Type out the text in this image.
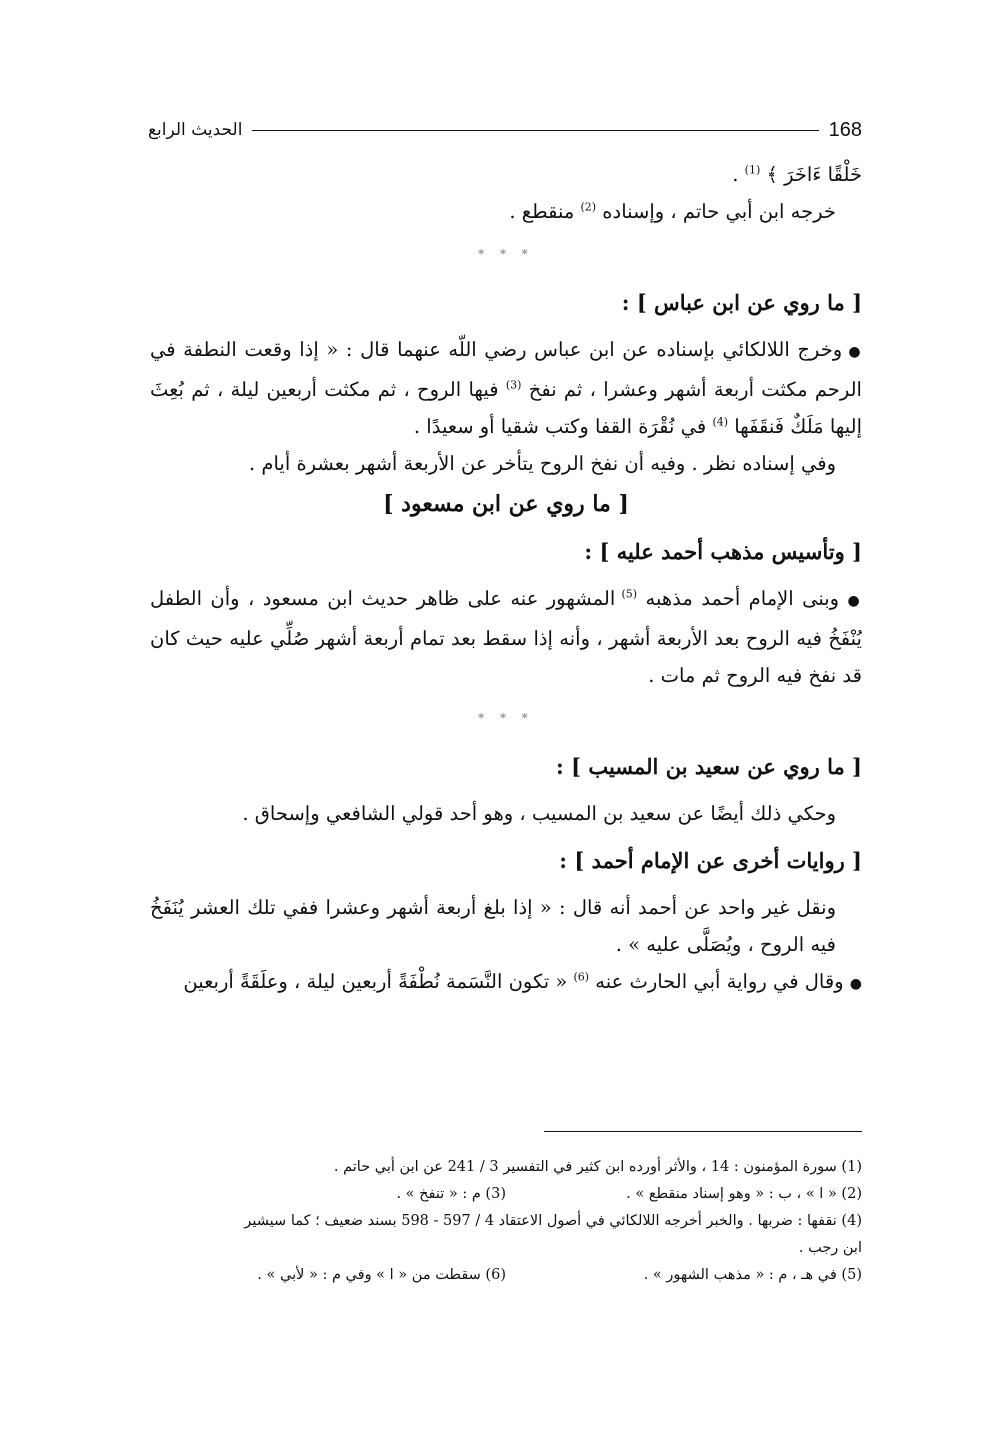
168
الحديث الرابع

خَلْقًا ءَاخَرَ ﴾ $^{(1)}$ .

خرجه ابن أبي حاتم ، وإسناده $^{(2)}$ منقطع .

* * *

[ ما روي عن ابن عباس ] :

● وخرج اللالكائي بإسناده عن ابن عباس رضي اللّه عنهما قال : « إذا وقعت النطفة في الرحم مكثت أربعة أشهر وعشرا ، ثم نفخ $^{(3)}$ فيها الروح ، ثم مكثت أربعين ليلة ، ثم بُعِثَ إليها مَلَكٌ فَنقَفَها $^{(4)}$ في نُقْرَة القفا وكتب شقيا أو سعيدًا .

وفي إسناده نظر . وفيه أن نفخ الروح يتأخر عن الأربعة أشهر بعشرة أيام .

[ ما روي عن ابن مسعود ]

[ وتأسيس مذهب أحمد عليه ] :

● وبنى الإمام أحمد مذهبه $^{(5)}$ المشهور عنه على ظاهر حديث ابن مسعود ، وأن الطفل يُنْفَخُ فيه الروح بعد الأربعة أشهر ، وأنه إذا سقط بعد تمام أربعة أشهر صُلِّي عليه حيث كان قد نفخ فيه الروح ثم مات .

* * *

[ ما روي عن سعيد بن المسيب ] :

وحكي ذلك أيضًا عن سعيد بن المسيب ، وهو أحد قولي الشافعي وإسحاق .

[ روايات أخرى عن الإمام أحمد ] :

ونقل غير واحد عن أحمد أنه قال : « إذا بلغ أربعة أشهر وعشرا ففي تلك العشر يُنَفَخُ فيه الروح ، ويُصَلَّى عليه » .

● وقال في رواية أبي الحارث عنه $^{(6)}$ « تكون النَّسَمة نُطْفَةً أربعين ليلة ، وعلَقَةً أربعين

(1) سورة المؤمنون : 14 ، والأثر أورده ابن كثير في التفسير 3 / 241 عن ابن أبي حاتم .

(2) « ا » ، ب : « وهو إسناد منقطع » .
(3) م : « تنفخ » .

(4) نقفها : ضربها . والخبر أخرجه اللالكائي في أصول الاعتقاد 4 / 597 - 598 بسند ضعيف ؛ كما سيشير

ابن رجب .

(5) في هـ ، م : « مذهب الشهور » .
(6) سقطت من « ا » وفي م : « لأبي » .
